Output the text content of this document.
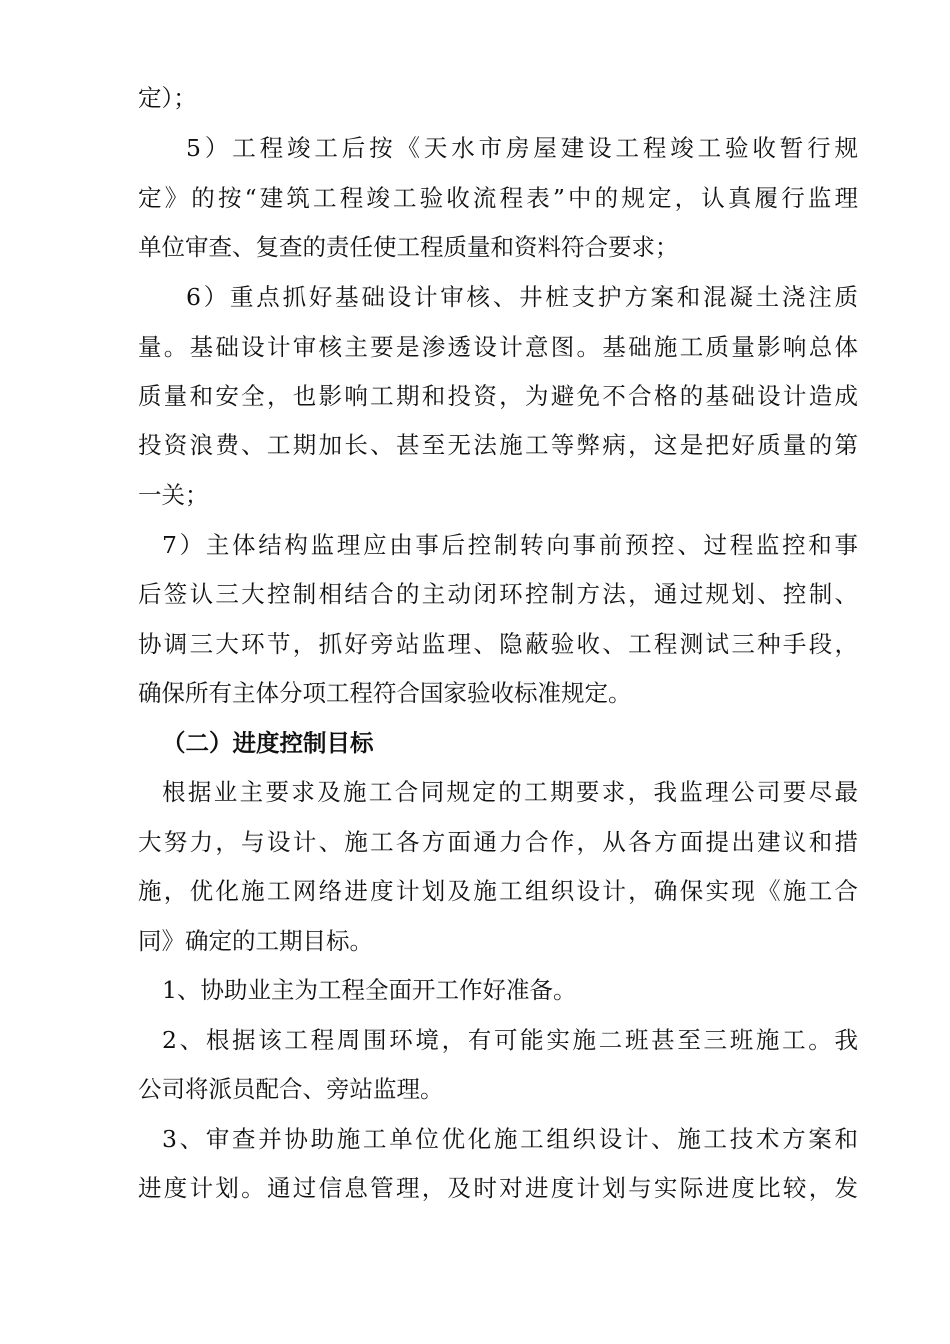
定）；
5）工程竣工后按《天水市房屋建设工程竣工验收暂行规
定》的按“建筑工程竣工验收流程表”中的规定，认真履行监理
单位审查、复查的责任使工程质量和资料符合要求；
6）重点抓好基础设计审核、井桩支护方案和混凝土浇注质
量。基础设计审核主要是渗透设计意图。基础施工质量影响总体
质量和安全，也影响工期和投资，为避免不合格的基础设计造成
投资浪费、工期加长、甚至无法施工等弊病，这是把好质量的第
一关；
7）主体结构监理应由事后控制转向事前预控、过程监控和事
后签认三大控制相结合的主动闭环控制方法，通过规划、控制、
协调三大环节，抓好旁站监理、隐蔽验收、工程测试三种手段，
确保所有主体分项工程符合国家验收标准规定。
（二）进度控制目标
根据业主要求及施工合同规定的工期要求，我监理公司要尽最
大努力，与设计、施工各方面通力合作，从各方面提出建议和措
施，优化施工网络进度计划及施工组织设计，确保实现《施工合
同》确定的工期目标。
1、协助业主为工程全面开工作好准备。
2、根据该工程周围环境，有可能实施二班甚至三班施工。我
公司将派员配合、旁站监理。
3、审查并协助施工单位优化施工组织设计、施工技术方案和
进度计划。通过信息管理，及时对进度计划与实际进度比较，发
